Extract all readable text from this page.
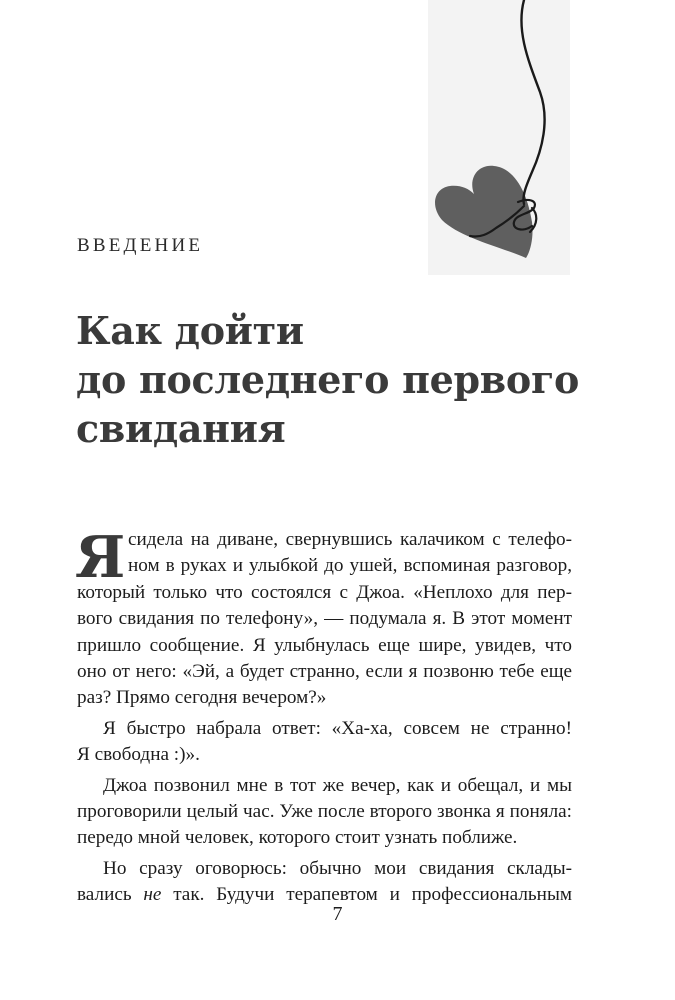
ВВЕДЕНИЕ
Как дойти
до последнего первого
свидания
Я сидела на диване, свернувшись калачиком с телефо-
ном в руках и улыбкой до ушей, вспоминая разговор,
который только что состоялся с Джоа. «Неплохо для пер-
вого свидания по телефону», — подумала я. В этот момент
пришло сообщение. Я улыбнулась еще шире, увидев, что
оно от него: «Эй, а будет странно, если я позвоню тебе еще
раз? Прямо сегодня вечером?»
Я быстро набрала ответ: «Ха-ха, совсем не странно!
Я свободна :)».
Джоа позвонил мне в тот же вечер, как и обещал, и мы
проговорили целый час. Уже после второго звонка я поняла:
передо мной человек, которого стоит узнать поближе.
Но сразу оговорюсь: обычно мои свидания склады-
вались не так. Будучи терапевтом и профессиональным
7
